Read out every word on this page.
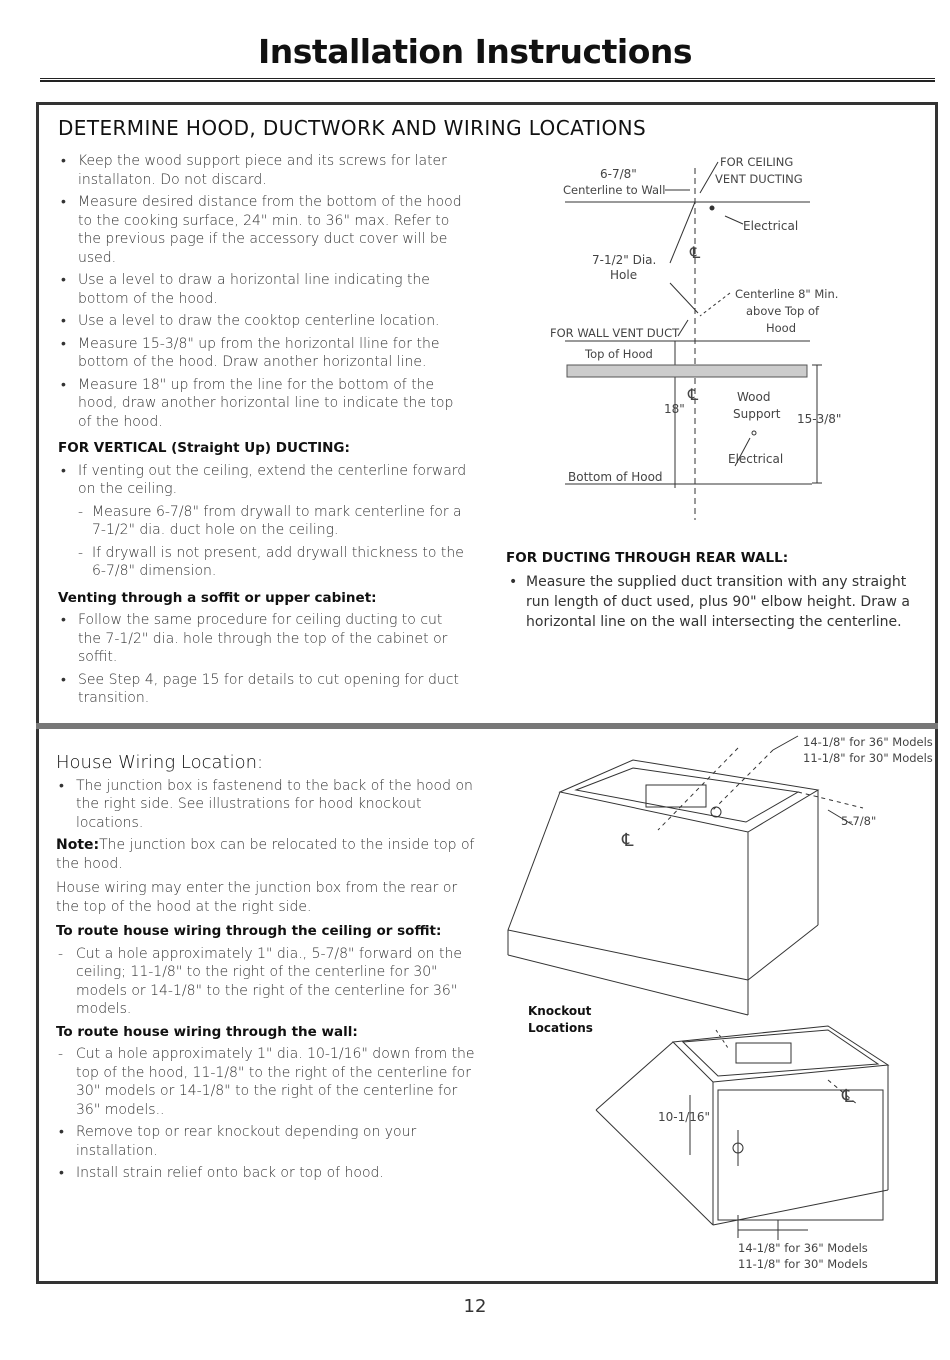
Installation Instructions
DETERMINE HOOD, DUCTWORK AND WIRING LOCATIONS
• Keep the wood support piece and its screws for later installaton. Do not discard.
• Measure desired distance from the bottom of the hood to the cooking surface, 24" min. to 36" max. Refer to the previous page if the accessory duct cover will be used.
• Use a level to draw a horizontal line indicating the bottom of the hood.
• Use a level to draw the cooktop centerline location.
• Measure 15-3/8" up from the horizontal lline for the bottom of the hood. Draw another horizontal line.
• Measure 18" up from the line for the bottom of the hood, draw another horizontal line to indicate the top of the hood.
FOR VERTICAL (Straight Up) DUCTING:
• If venting out the ceiling, extend the centerline forward on the ceiling.
- Measure 6-7/8" from drywall to mark centerline for a 7-1/2" dia. duct hole on the ceiling.
- If drywall is not present, add drywall thickness to the 6-7/8" dimension.
Venting through a soffit or upper cabinet:
• Follow the same procedure for ceiling ducting to cut the 7-1/2" dia. hole through the top of the cabinet or soffit.
• See Step 4, page 15 for details to cut opening for duct transition.
FOR DUCTING THROUGH REAR WALL:
• Measure the supplied duct transition with any straight run length of duct used, plus 90" elbow height. Draw a horizontal line on the wall intersecting the centerline.
6-7/8"
Centerline to Wall
FOR CEILING
VENT DUCTING
Electrical
7-1/2" Dia.
Hole
℄
Centerline 8" Min.
above Top of
Hood
FOR WALL VENT DUCT
Top of Hood
℄	Wood
Support
18"
15-3/8"
Electrical
Bottom of Hood
House Wiring Location:
• The junction box is fastenend to the back of the hood on the right side. See illustrations for hood knockout locations.
Note:The junction box can be relocated to the inside top of the hood.
House wiring may enter the junction box from the rear or the top of the hood at the right side.
To route house wiring through the ceiling or soffit:
- Cut a hole approximately 1" dia., 5-7/8" forward on the ceiling; 11-1/8" to the right of the centerline for 30" models or 14-1/8" to the right of the centerline for 36" models.
To route house wiring through the wall:
- Cut a hole approximately 1" dia. 10-1/16" down from the top of the hood, 11-1/8" to the right of the centerline for 30" models or 14-1/8" to the right of the centerline for 36" models..
• Remove top or rear knockout depending on your installation.
• Install strain relief onto back or top of hood.
14-1/8" for 36" Models
11-1/8" for 30" Models
5-7/8"
℄
Knockout
Locations
℄
10-1/16"
14-1/8" for 36" Models
11-1/8" for 30" Models
12
